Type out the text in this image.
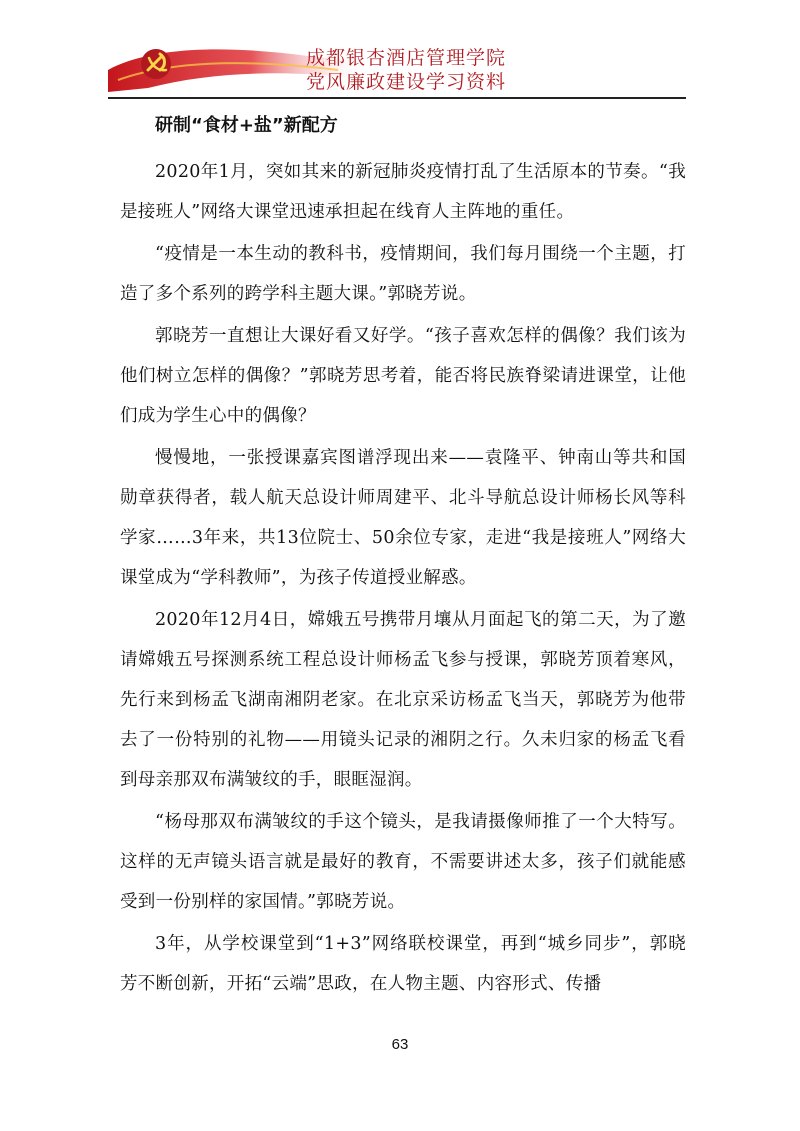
成都银杏酒店管理学院
党风廉政建设学习资料
研制“食材+盐”新配方

2020年1月，突如其来的新冠肺炎疫情打乱了生活原本的节奏。“我是接班人”网络大课堂迅速承担起在线育人主阵地的重任。

“疫情是一本生动的教科书，疫情期间，我们每月围绕一个主题，打造了多个系列的跨学科主题大课。”郭晓芳说。

郭晓芳一直想让大课好看又好学。“孩子喜欢怎样的偶像？我们该为他们树立怎样的偶像？”郭晓芳思考着，能否将民族脊梁请进课堂，让他们成为学生心中的偶像？

慢慢地，一张授课嘉宾图谱浮现出来——袁隆平、钟南山等共和国勋章获得者，载人航天总设计师周建平、北斗导航总设计师杨长风等科学家……3年来，共13位院士、50余位专家，走进“我是接班人”网络大课堂成为“学科教师”，为孩子传道授业解惑。

2020年12月4日，嫦娥五号携带月壤从月面起飞的第二天，为了邀请嫦娥五号探测系统工程总设计师杨孟飞参与授课，郭晓芳顶着寒风，先行来到杨孟飞湖南湘阴老家。在北京采访杨孟飞当天，郭晓芳为他带去了一份特别的礼物——用镜头记录的湘阴之行。久未归家的杨孟飞看到母亲那双布满皱纹的手，眼眶湿润。

“杨母那双布满皱纹的手这个镜头，是我请摄像师推了一个大特写。这样的无声镜头语言就是最好的教育，不需要讲述太多，孩子们就能感受到一份别样的家国情。”郭晓芳说。

3年，从学校课堂到“1+3”网络联校课堂，再到“城乡同步”，郭晓芳不断创新，开拓“云端”思政，在人物主题、内容形式、传播

63
